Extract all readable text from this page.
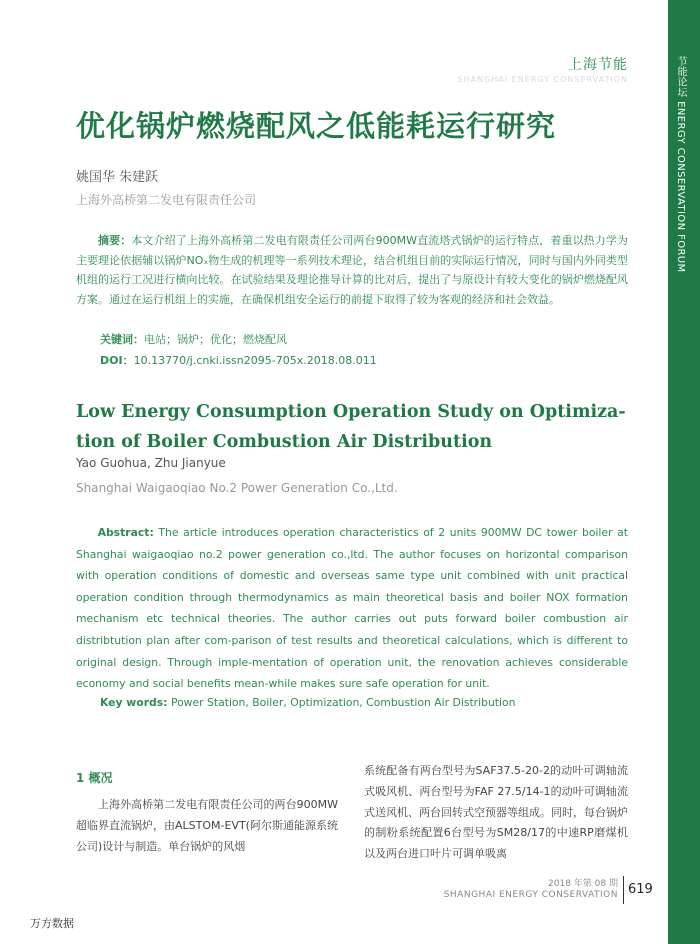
节能论坛 ENERGY CONSERVATION FORUM
上海节能
SHANGHAI ENERGY CONSERVATION
优化锅炉燃烧配风之低能耗运行研究
姚国华 朱建跃
上海外高桥第二发电有限责任公司

摘要：本文介绍了上海外高桥第二发电有限责任公司两台900MW直流塔式锅炉的运行特点，着重以热力学为主要理论依据辅以锅炉NOₓ物生成的机理等一系列技术理论，结合机组目前的实际运行情况，同时与国内外同类型机组的运行工况进行横向比较。在试验结果及理论推导计算的比对后，提出了与原设计有较大变化的锅炉燃烧配风方案。通过在运行机组上的实施，在确保机组安全运行的前提下取得了较为客观的经济和社会效益。

关键词：电站；锅炉；优化；燃烧配风
DOI：10.13770/j.cnki.issn2095-705x.2018.08.011
Low Energy Consumption Operation Study on Optimiza-tion of Boiler Combustion Air Distribution
Yao Guohua, Zhu Jianyue
Shanghai Waigaoqiao No.2 Power Generation Co.,Ltd.

Abstract: The article introduces operation characteristics of 2 units 900MW DC tower boiler at Shanghai waigaoqiao no.2 power generation co.,ltd. The author focuses on horizontal comparison with operation conditions of domestic and overseas same type unit combined with unit practical operation condition through thermodynamics as main theoretical basis and boiler NOX formation mechanism etc technical theories. The author carries out puts forward boiler combustion air distribtution plan after com-parison of test results and theoretical calculations, which is different to original design. Through imple-mentation of operation unit, the renovation achieves considerable economy and social benefits mean-while makes sure safe operation for unit.

Key words: Power Station, Boiler, Optimization, Combustion Air Distribution
1 概况

上海外高桥第二发电有限责任公司的两台900MW超临界直流锅炉，由ALSTOM-EVT(阿尔斯通能源系统公司)设计与制造。单台锅炉的风烟

系统配备有两台型号为SAF37.5-20-2的动叶可调轴流式吸风机、两台型号为FAF 27.5/14-1的动叶可调轴流式送风机、两台回转式空预器等组成。同时，每台锅炉的制粉系统配置6台型号为SM28/17的中速RP磨煤机以及两台进口叶片可调单吸离

2018 年第 08 期
SHANGHAI ENERGY CONSERVATION 619
万方数据
